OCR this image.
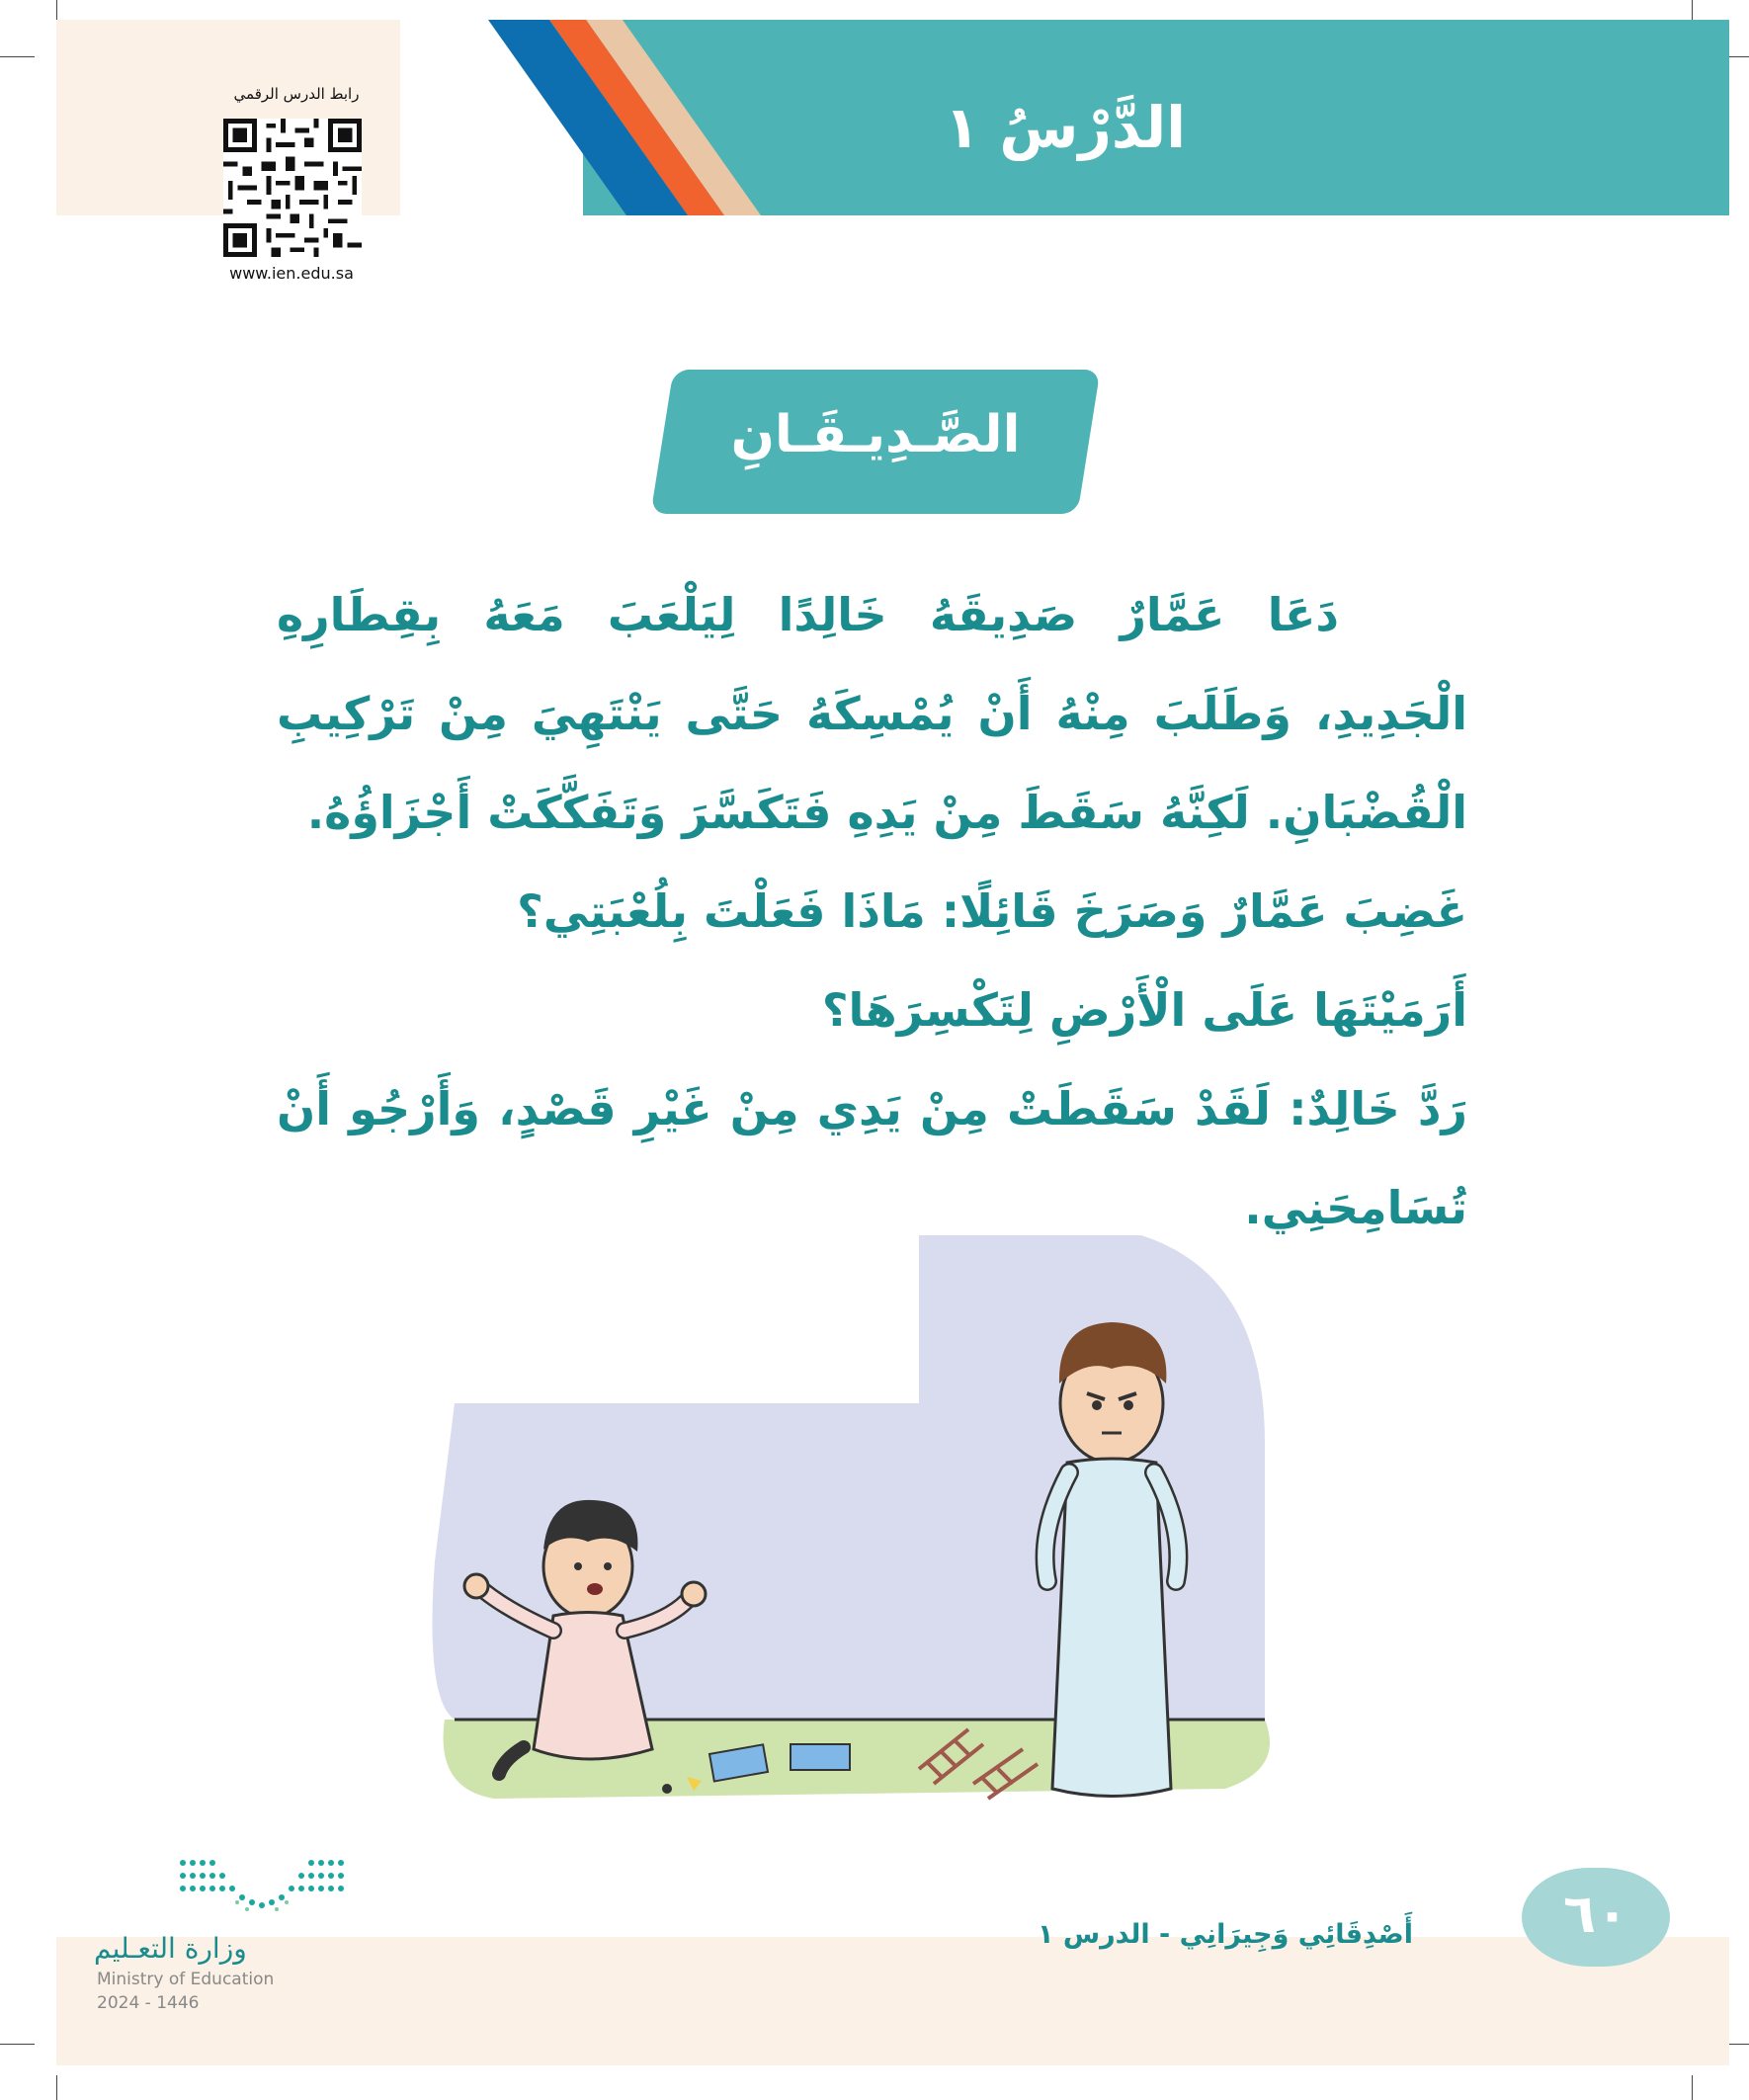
الدَّرْسُ ١
رابط الدرس الرقمي
www.ien.edu.sa
الصَّـدِيـقَـانِ

دَعَا عَمَّارٌ صَدِيقَهُ خَالِدًا لِيَلْعَبَ مَعَهُ بِقِطَارِهِ الْجَدِيدِ، وَطَلَبَ مِنْهُ أَنْ يُمْسِكَهُ حَتَّى يَنْتَهِيَ مِنْ تَرْكِيبِ الْقُضْبَانِ. لَكِنَّهُ سَقَطَ مِنْ يَدِهِ فَتَكَسَّرَ وَتَفَكَّكَتْ أَجْزَاؤُهُ.

غَضِبَ عَمَّارٌ وَصَرَخَ قَائِلًا: مَاذَا فَعَلْتَ بِلُعْبَتِي؟

أَرَمَيْتَهَا عَلَى الْأَرْضِ لِتَكْسِرَهَا؟

رَدَّ خَالِدٌ: لَقَدْ سَقَطَتْ مِنْ يَدِي مِنْ غَيْرِ قَصْدٍ، وَأَرْجُو أَنْ تُسَامِحَنِي.

٦٠
أَصْدِقَائِي وَجِيرَانِي - الدرس ١
وزارة التعـليم
Ministry of Education
2024 - 1446
